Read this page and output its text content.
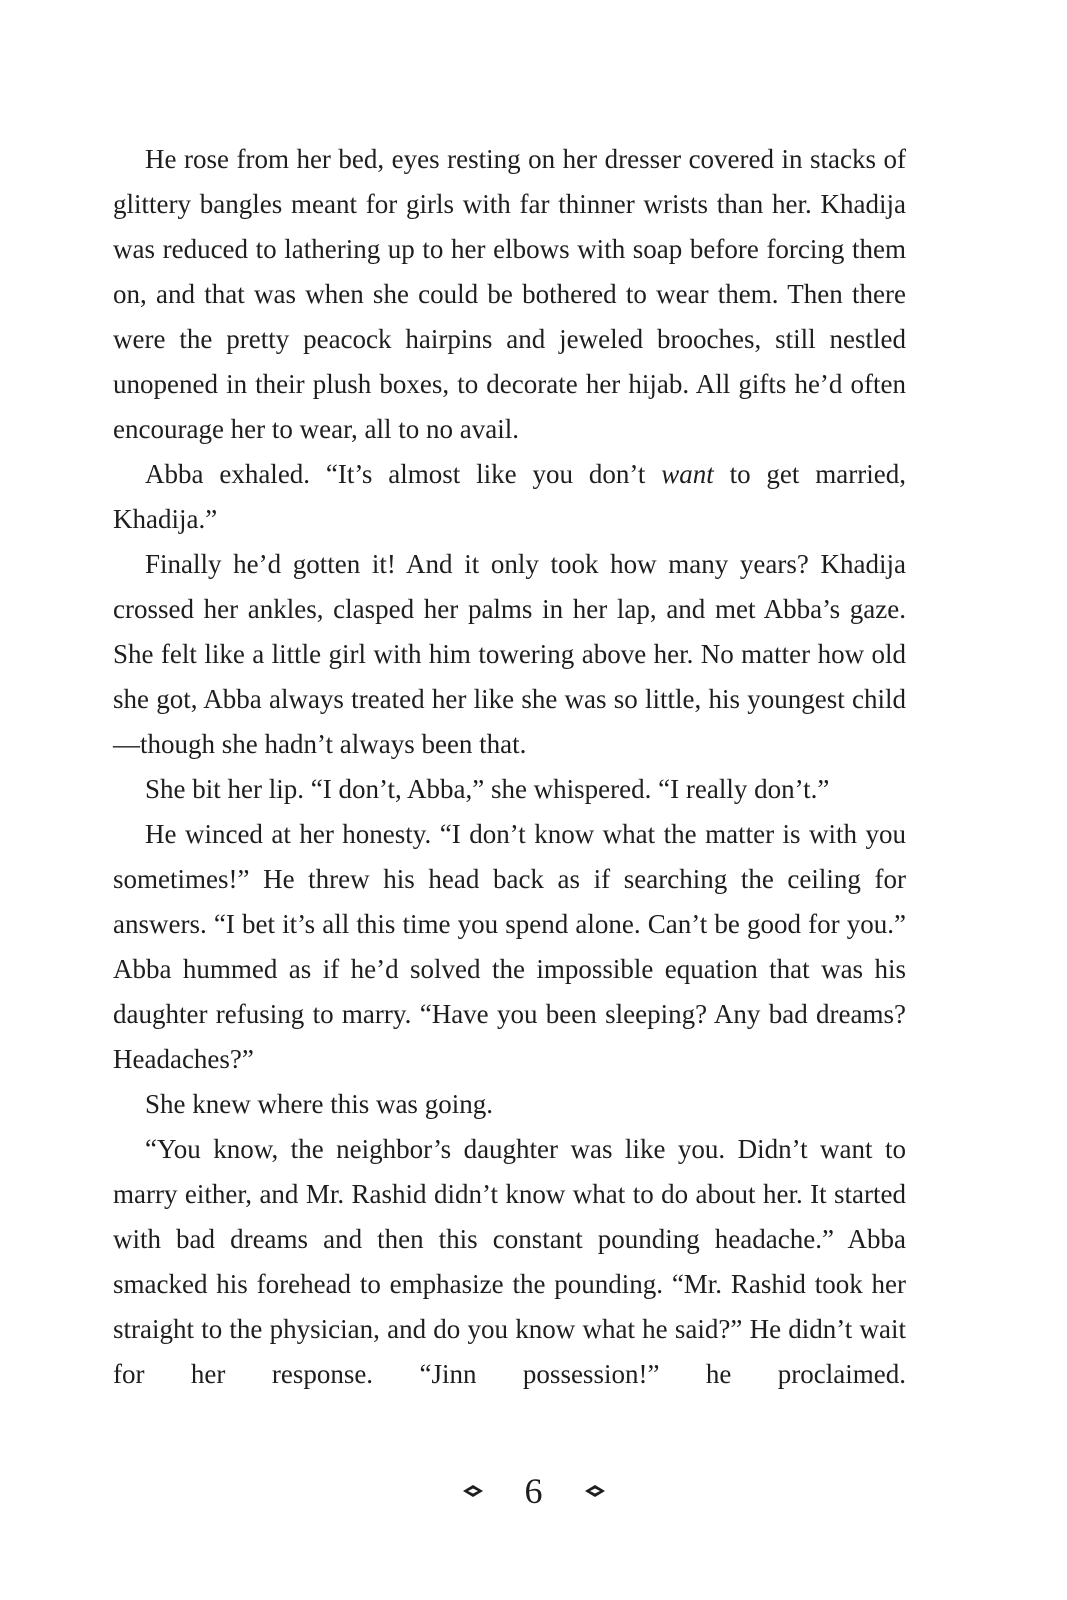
He rose from her bed, eyes resting on her dresser covered in stacks of glittery bangles meant for girls with far thinner wrists than her. Khadija was reduced to lathering up to her elbows with soap before forcing them on, and that was when she could be bothered to wear them. Then there were the pretty peacock hairpins and jeweled brooches, still nestled unopened in their plush boxes, to decorate her hijab. All gifts he’d often encourage her to wear, all to no avail.

Abba exhaled. “It’s almost like you don’t want to get married, Khadija.”

Finally he’d gotten it! And it only took how many years? Khadija crossed her ankles, clasped her palms in her lap, and met Abba’s gaze. She felt like a little girl with him towering above her. No matter how old she got, Abba always treated her like she was so little, his youngest child—though she hadn’t always been that.

She bit her lip. “I don’t, Abba,” she whispered. “I really don’t.”

He winced at her honesty. “I don’t know what the matter is with you sometimes!” He threw his head back as if searching the ceiling for answers. “I bet it’s all this time you spend alone. Can’t be good for you.” Abba hummed as if he’d solved the impossible equation that was his daughter refusing to marry. “Have you been sleeping? Any bad dreams? Headaches?”

She knew where this was going.

“You know, the neighbor’s daughter was like you. Didn’t want to marry either, and Mr. Rashid didn’t know what to do about her. It started with bad dreams and then this constant pounding headache.” Abba smacked his forehead to emphasize the pounding. “Mr. Rashid took her straight to the physician, and do you know what he said?” He didn’t wait for her response. “Jinn possession!” he proclaimed.

6
